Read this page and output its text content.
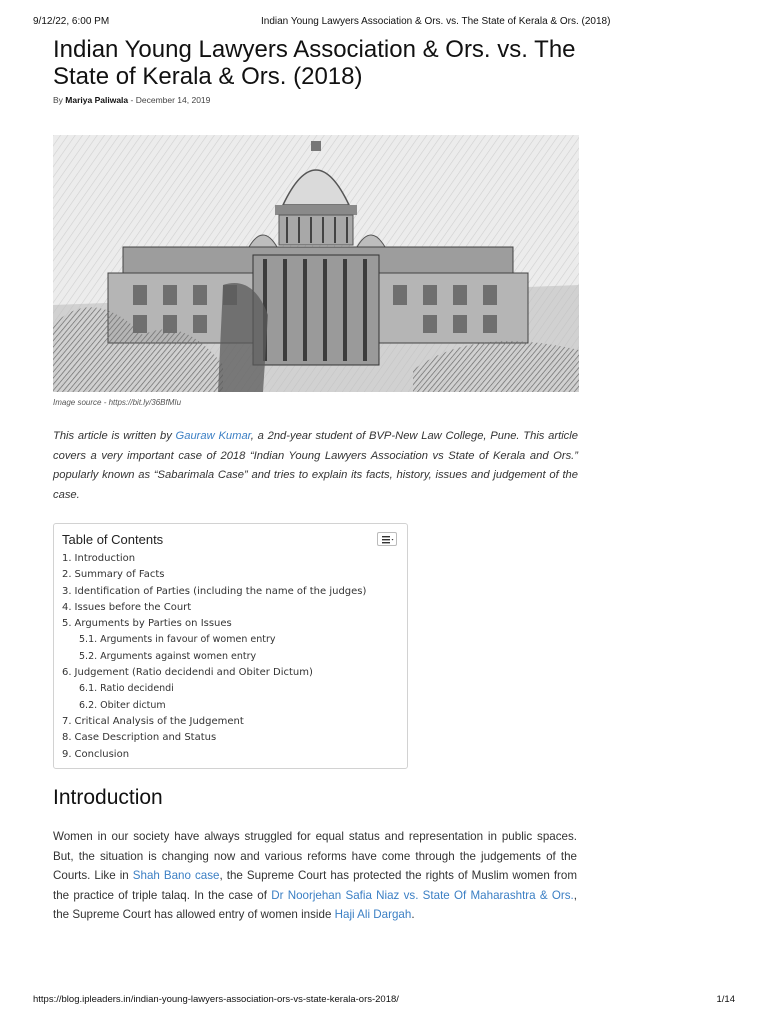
9/12/22, 6:00 PM	Indian Young Lawyers Association & Ors. vs. The State of Kerala & Ors. (2018)
Indian Young Lawyers Association & Ors. vs. The State of Kerala & Ors. (2018)
By Mariya Paliwala - December 14, 2019
Image source - https://bit.ly/36BfMIu

This article is written by Gauraw Kumar, a 2nd-year student of BVP-New Law College, Pune. This article covers a very important case of 2018 “Indian Young Lawyers Association vs State of Kerala and Ors.” popularly known as “Sabarimala Case” and tries to explain its facts, history, issues and judgement of the case.

Table of Contents
1. Introduction
2. Summary of Facts
3. Identification of Parties (including the name of the judges)
4. Issues before the Court
5. Arguments by Parties on Issues
5.1. Arguments in favour of women entry
5.2. Arguments against women entry
6. Judgement (Ratio decidendi and Obiter Dictum)
6.1. Ratio decidendi
6.2. Obiter dictum
7. Critical Analysis of the Judgement
8. Case Description and Status
9. Conclusion
Introduction

Women in our society have always struggled for equal status and representation in public spaces. But, the situation is changing now and various reforms have come through the judgements of the Courts. Like in Shah Bano case, the Supreme Court has protected the rights of Muslim women from the practice of triple talaq. In the case of Dr Noorjehan Safia Niaz vs. State Of Maharashtra & Ors., the Supreme Court has allowed entry of women inside Haji Ali Dargah.

https://blog.ipleaders.in/indian-young-lawyers-association-ors-vs-state-kerala-ors-2018/	1/14
